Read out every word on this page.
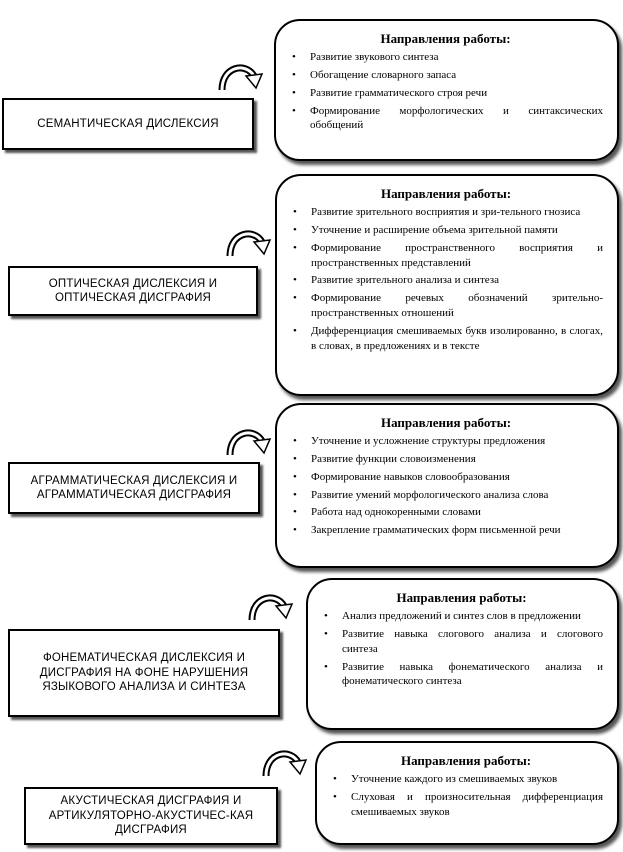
СЕМАНТИЧЕСКАЯ ДИСЛЕКСИЯ
Направления работы:
• Развитие звукового синтеза
• Обогащение словарного запаса
• Развитие грамматического строя речи
• Формирование морфологических и синтаксических обобщений
ОПТИЧЕСКАЯ ДИСЛЕКСИЯ И ОПТИЧЕСКАЯ ДИСГРАФИЯ
Направления работы:
• Развитие зрительного восприятия и зри-тельного гнозиса
• Уточнение и расширение объема зрительной памяти
• Формирование пространственного восприятия и пространственных представлений
• Развитие зрительного анализа и синтеза
• Формирование речевых обозначений зрительно-пространственных отношений
• Дифференциация смешиваемых букв изолированно, в слогах, в словах, в предложениях и в тексте
АГРАММАТИЧЕСКАЯ ДИСЛЕКСИЯ И АГРАММАТИЧЕСКАЯ ДИСГРАФИЯ
Направления работы:
• Уточнение и усложнение структуры предложения
• Развитие функции словоизменения
• Формирование навыков словообразования
• Развитие умений морфологического анализа слова
• Работа над однокоренными словами
• Закрепление грамматических форм письменной речи
ФОНЕМАТИЧЕСКАЯ ДИСЛЕКСИЯ И ДИСГРАФИЯ НА ФОНЕ НАРУШЕНИЯ ЯЗЫКОВОГО АНАЛИЗА И СИНТЕЗА
Направления работы:
• Анализ предложений и синтез слов в предложении
• Развитие навыка слогового анализа и слогового синтеза
• Развитие навыка фонематического анализа и фонематического синтеза
АКУСТИЧЕСКАЯ ДИСГРАФИЯ И АРТИКУЛЯТОРНО-АКУСТИЧЕС-КАЯ ДИСГРАФИЯ
Направления работы:
• Уточнение каждого из смешиваемых звуков
• Слуховая и произносительная дифференциация смешиваемых звуков
